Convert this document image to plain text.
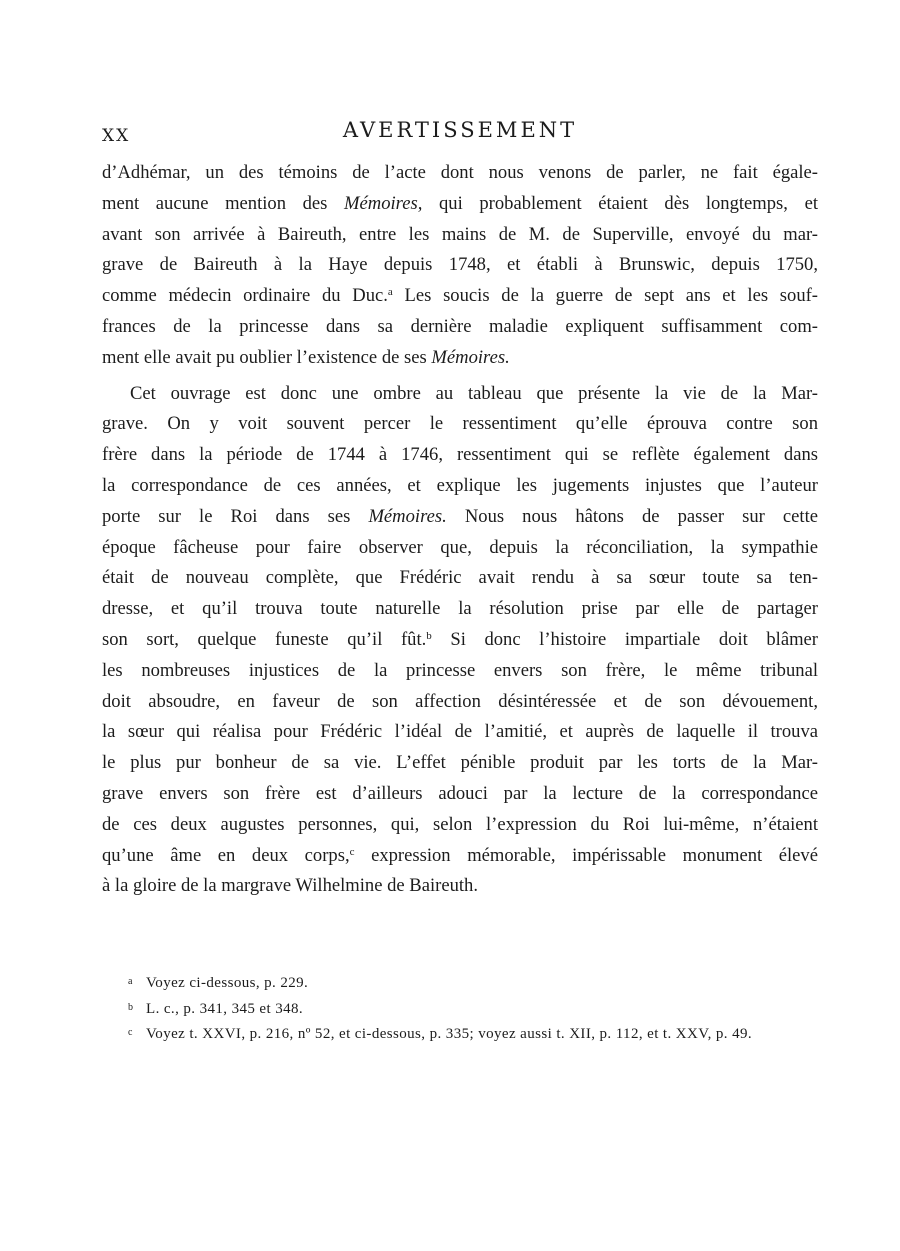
XX	AVERTISSEMENT
d’Adhémar, un des témoins de l’acte dont nous venons de parler, ne fait égale-
ment aucune mention des Mémoires, qui probablement étaient dès longtemps, et
avant son arrivée à Baireuth, entre les mains de M. de Superville, envoyé du mar-
grave de Baireuth à la Haye depuis 1748, et établi à Brunswic, depuis 1750,
comme médecin ordinaire du Duc.$^a$ Les soucis de la guerre de sept ans et les souf-
frances de la princesse dans sa dernière maladie expliquent suffisamment com-
ment elle avait pu oublier l’existence de ses Mémoires.
Cet ouvrage est donc une ombre au tableau que présente la vie de la Mar-
grave. On y voit souvent percer le ressentiment qu’elle éprouva contre son
frère dans la période de 1744 à 1746, ressentiment qui se reflète également dans
la correspondance de ces années, et explique les jugements injustes que l’auteur
porte sur le Roi dans ses Mémoires. Nous nous hâtons de passer sur cette
époque fâcheuse pour faire observer que, depuis la réconciliation, la sympathie
était de nouveau complète, que Frédéric avait rendu à sa sœur toute sa ten-
dresse, et qu’il trouva toute naturelle la résolution prise par elle de partager
son sort, quelque funeste qu’il fût.$^b$ Si donc l’histoire impartiale doit blâmer
les nombreuses injustices de la princesse envers son frère, le même tribunal
doit absoudre, en faveur de son affection désintéressée et de son dévouement,
la sœur qui réalisa pour Frédéric l’idéal de l’amitié, et auprès de laquelle il trouva
le plus pur bonheur de sa vie. L’effet pénible produit par les torts de la Mar-
grave envers son frère est d’ailleurs adouci par la lecture de la correspondance
de ces deux augustes personnes, qui, selon l’expression du Roi lui-même, n’étaient
qu’une âme en deux corps,$^c$ expression mémorable, impérissable monument élevé
à la gloire de la margrave Wilhelmine de Baireuth.
a Voyez ci-dessous, p. 229.
b L. c., p. 341, 345 et 348.
c Voyez t. XXVI, p. 216, nº 52, et ci-dessous, p. 335; voyez aussi t. XII, p. 112, et t. XXV, p. 49.
